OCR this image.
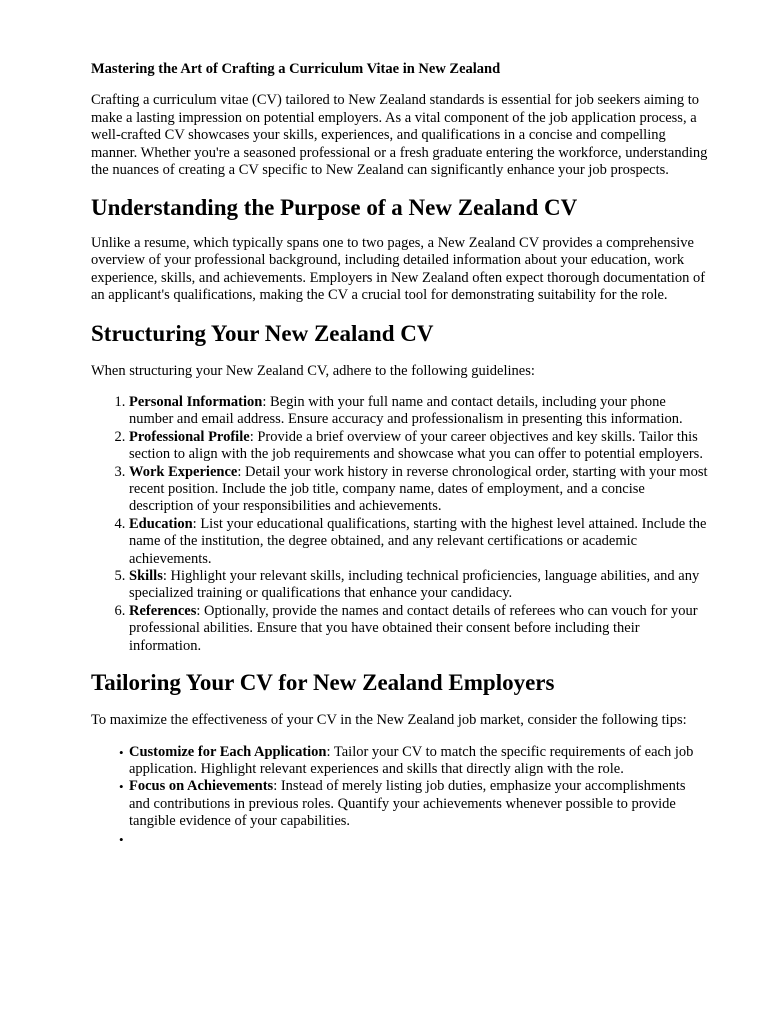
Mastering the Art of Crafting a Curriculum Vitae in New Zealand

Crafting a curriculum vitae (CV) tailored to New Zealand standards is essential for job seekers aiming to make a lasting impression on potential employers. As a vital component of the job application process, a well-crafted CV showcases your skills, experiences, and qualifications in a concise and compelling manner. Whether you're a seasoned professional or a fresh graduate entering the workforce, understanding the nuances of creating a CV specific to New Zealand can significantly enhance your job prospects.

Understanding the Purpose of a New Zealand CV

Unlike a resume, which typically spans one to two pages, a New Zealand CV provides a comprehensive overview of your professional background, including detailed information about your education, work experience, skills, and achievements. Employers in New Zealand often expect thorough documentation of an applicant's qualifications, making the CV a crucial tool for demonstrating suitability for the role.

Structuring Your New Zealand CV

When structuring your New Zealand CV, adhere to the following guidelines:

1. Personal Information: Begin with your full name and contact details, including your phone number and email address. Ensure accuracy and professionalism in presenting this information.
2. Professional Profile: Provide a brief overview of your career objectives and key skills. Tailor this section to align with the job requirements and showcase what you can offer to potential employers.
3. Work Experience: Detail your work history in reverse chronological order, starting with your most recent position. Include the job title, company name, dates of employment, and a concise description of your responsibilities and achievements.
4. Education: List your educational qualifications, starting with the highest level attained. Include the name of the institution, the degree obtained, and any relevant certifications or academic achievements.
5. Skills: Highlight your relevant skills, including technical proficiencies, language abilities, and any specialized training or qualifications that enhance your candidacy.
6. References: Optionally, provide the names and contact details of referees who can vouch for your professional abilities. Ensure that you have obtained their consent before including their information.
Tailoring Your CV for New Zealand Employers

To maximize the effectiveness of your CV in the New Zealand job market, consider the following tips:

• Customize for Each Application: Tailor your CV to match the specific requirements of each job application. Highlight relevant experiences and skills that directly align with the role.
• Focus on Achievements: Instead of merely listing job duties, emphasize your accomplishments and contributions in previous roles. Quantify your achievements whenever possible to provide tangible evidence of your capabilities.
•
